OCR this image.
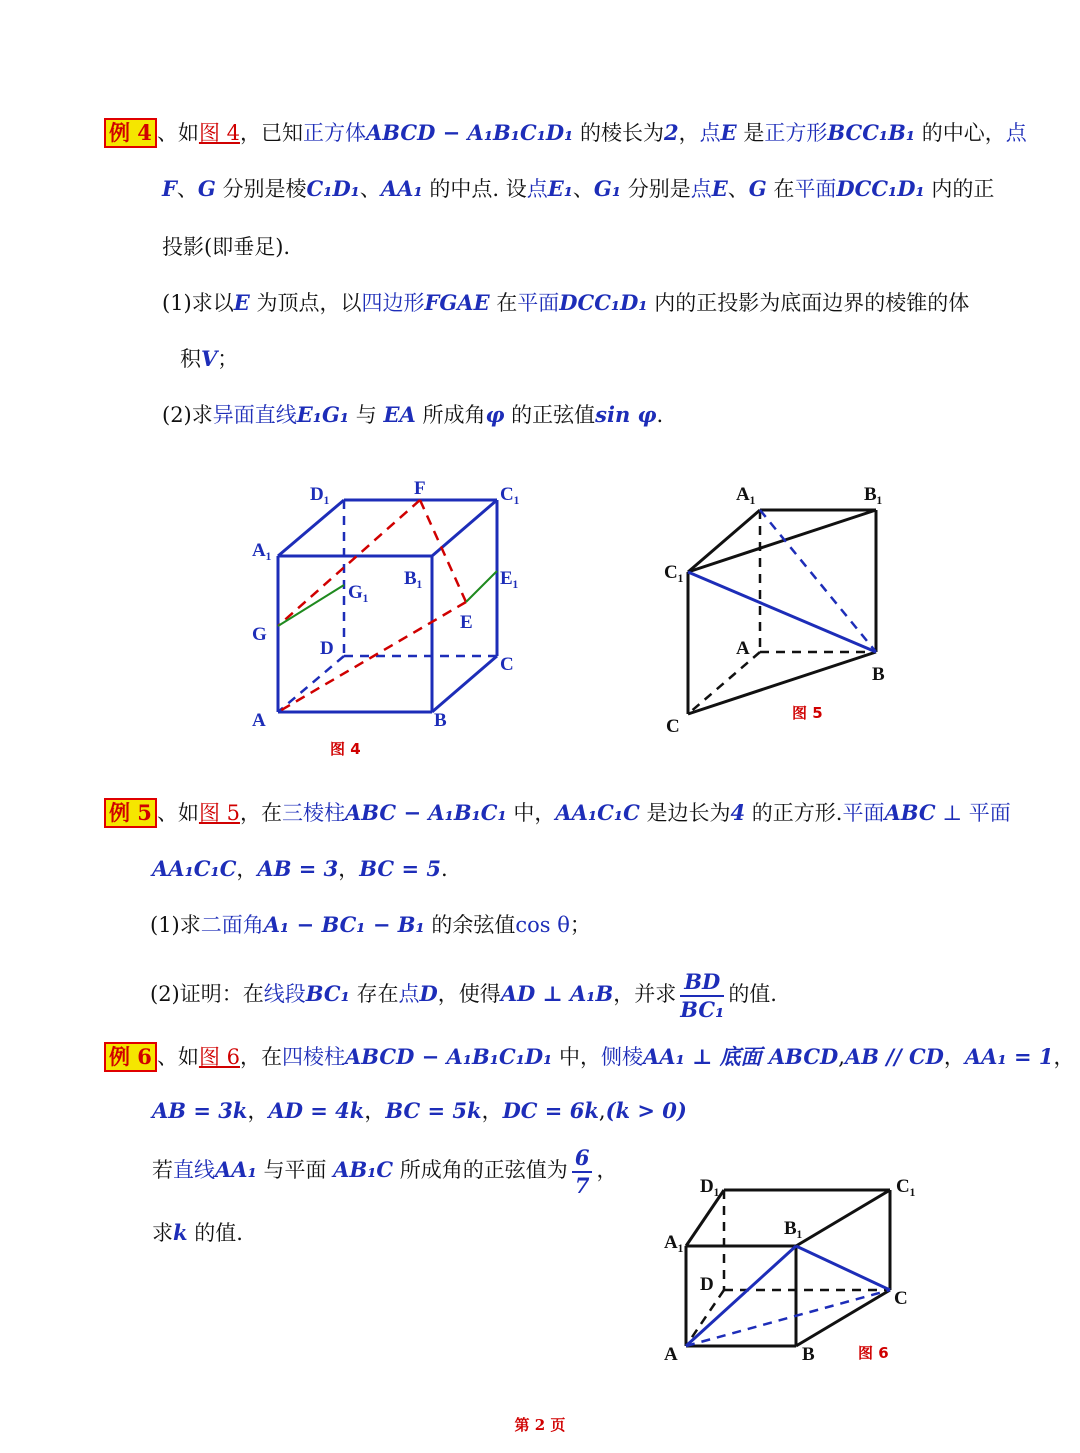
例 4 、如图 4，已知正方体ABCD − A₁B₁C₁D₁ 的棱长为2，点E 是正方形BCC₁B₁ 的中心，点
F、G 分别是棱C₁D₁、AA₁ 的中点. 设点E₁、G₁ 分别是点E、G 在平面DCC₁D₁ 内的正
投影(即垂足).
(1)求以E 为顶点，以四边形FGAE 在平面DCC₁D₁ 内的正投影为底面边界的棱锥的体
积V；
(2)求异面直线E₁G₁ 与 EA 所成角φ 的正弦值sin φ.
例 5 、如图 5，在三棱柱ABC − A₁B₁C₁ 中，AA₁C₁C 是边长为4 的正方形.平面ABC ⊥ 平面
AA₁C₁C，AB = 3，BC = 5.
(1)求二面角A₁ − BC₁ − B₁ 的余弦值cos θ；
(2)证明：在线段BC₁ 存在点D，使得AD ⊥ A₁B，并求 $\frac{BD}{\text{BC₁}}$ 的值.
例 6 、如图 6，在四棱柱ABCD − A₁B₁C₁D₁ 中，侧棱AA₁ ⊥ 底面 ABCD,AB // CD，AA₁ = 1，
AB = 3k，AD = 4k，BC = 5k，DC = 6k,(k > 0)
若直线AA₁ 与平面 AB₁C 所成角的正弦值为 $\frac{6}{7}$ ，
求k 的值.
D₁	F	C₁
A₁
B₁	E₁
G₁
G
E
D
C
A	B
图 4
A₁	B₁
C₁
A
B
C
图 5
D₁	C₁
A₁
B₁
D
C
A	B	图 6
第 2 页
